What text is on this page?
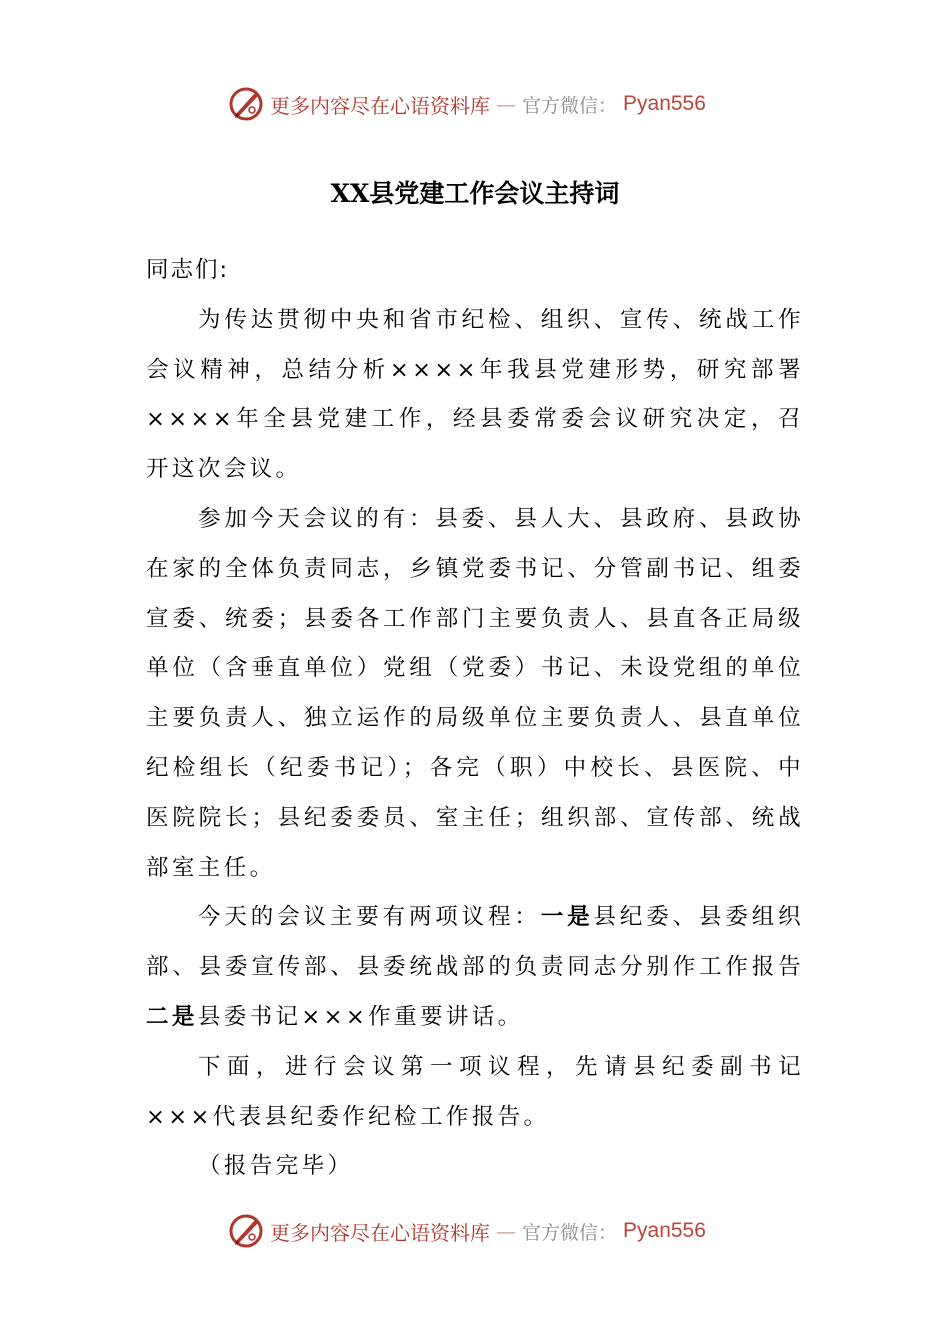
更多内容尽在心语资料库 — 官方微信： Pyan556
XX县党建工作会议主持词

同志们:

为传达贯彻中央和省市纪检、组织、宣传、统战工作会议精神，总结分析××××年我县党建形势，研究部署××××年全县党建工作，经县委常委会议研究决定，召开这次会议。

参加今天会议的有：县委、县人大、县政府、县政协在家的全体负责同志，乡镇党委书记、分管副书记、组委宣委、统委；县委各工作部门主要负责人、县直各正局级单位（含垂直单位）党组（党委）书记、未设党组的单位主要负责人、独立运作的局级单位主要负责人、县直单位纪检组长（纪委书记）；各完（职）中校长、县医院、中医院院长；县纪委委员、室主任；组织部、宣传部、统战部室主任。

今天的会议主要有两项议程：一是县纪委、县委组织部、县委宣传部、县委统战部的负责同志分别作工作报告二是县委书记×××作重要讲话。

下面，进行会议第一项议程，先请县纪委副书记×××代表县纪委作纪检工作报告。

（报告完毕）

更多内容尽在心语资料库 — 官方微信： Pyan556
